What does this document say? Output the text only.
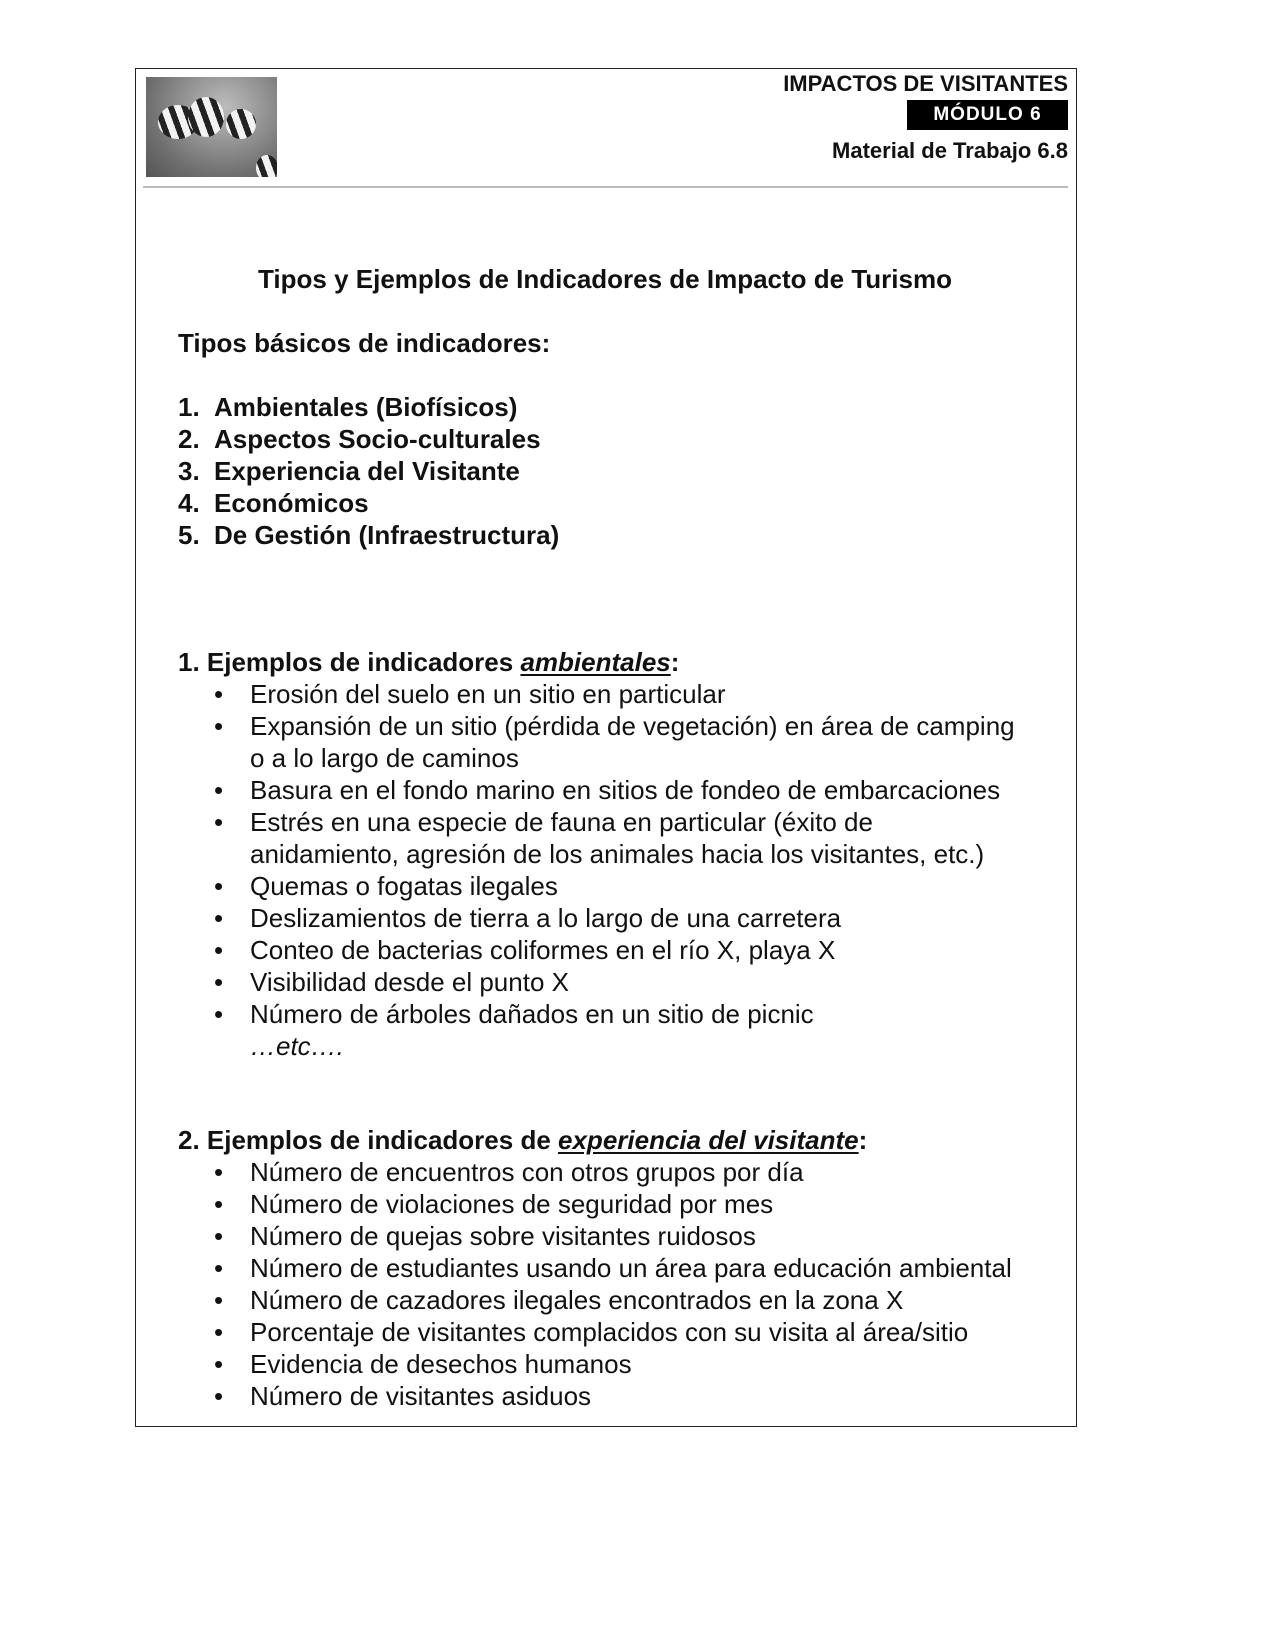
IMPACTOS DE VISITANTES
MÓDULO 6
Material de Trabajo 6.8
Tipos y Ejemplos de Indicadores de Impacto de Turismo
Tipos básicos de indicadores:
1. Ambientales (Biofísicos)
2. Aspectos Socio-culturales
3. Experiencia del Visitante
4. Económicos
5. De Gestión (Infraestructura)
1. Ejemplos de indicadores ambientales:
•	Erosión del suelo en un sitio en particular
•	Expansión de un sitio (pérdida de vegetación) en área de camping
o a lo largo de caminos
•	Basura en el fondo marino en sitios de fondeo de embarcaciones
•	Estrés en una especie de fauna en particular (éxito de
anidamiento, agresión de los animales hacia los visitantes, etc.)
•	Quemas o fogatas ilegales
•	Deslizamientos de tierra a lo largo de una carretera
•	Conteo de bacterias coliformes en el río X, playa X
•	Visibilidad desde el punto X
•	Número de árboles dañados en un sitio de picnic
…etc….
2. Ejemplos de indicadores de experiencia del visitante:
•	Número de encuentros con otros grupos por día
•	Número de violaciones de seguridad por mes
•	Número de quejas sobre visitantes ruidosos
•	Número de estudiantes usando un área para educación ambiental
•	Número de cazadores ilegales encontrados en la zona X
•	Porcentaje de visitantes complacidos con su visita al área/sitio
•	Evidencia de desechos humanos
•	Número de visitantes asiduos
